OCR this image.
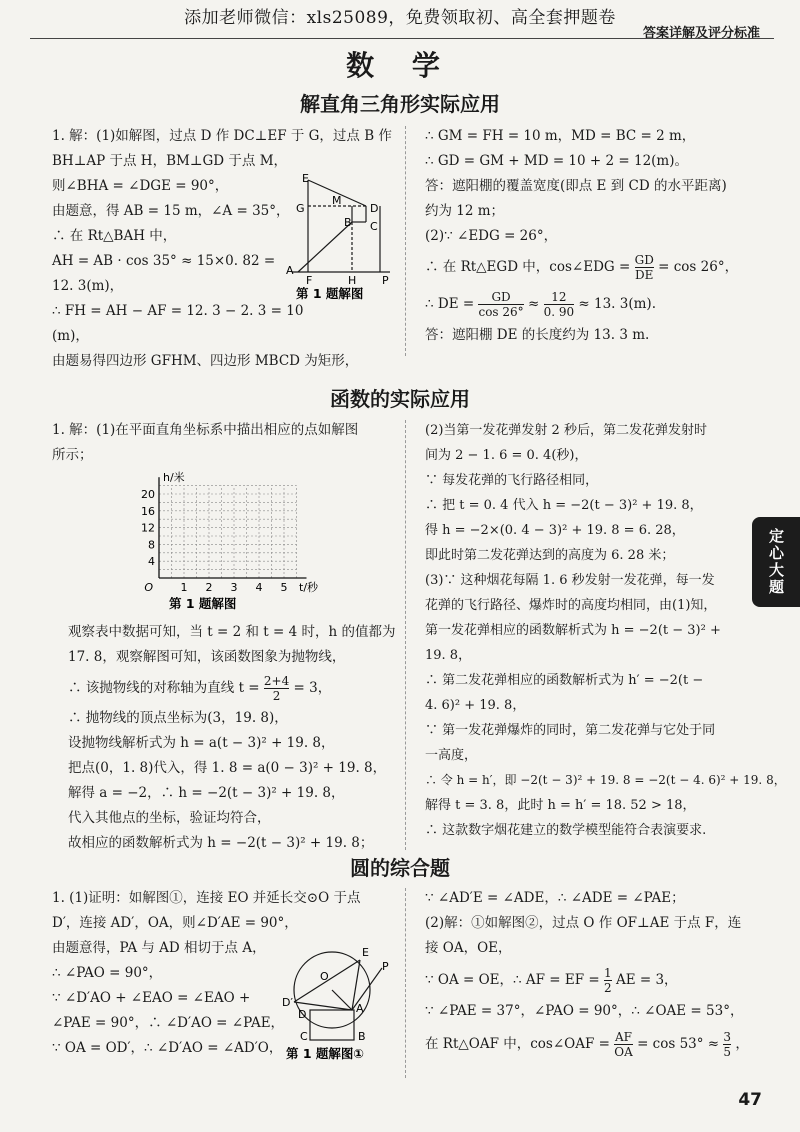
添加老师微信：xls25089，免费领取初、高全套押题卷
答案详解及评分标准
数 学
解直角三角形实际应用

1. 解：(1)如解图，过点 D 作 DC⊥EF 于 G，过点 B 作

BH⊥AP 于点 H，BM⊥GD 于点 M，

则∠BHA = ∠DGE = 90°，

由题意，得 AB = 15 m，∠A = 35°，

∴ 在 Rt△BAH 中，

AH = AB · cos 35° ≈ 15×0. 82 =

12. 3(m)，

∴ FH = AH − AF = 12. 3 − 2. 3 = 10

(m)，

由题易得四边形 GFHM、四边形 MBCD 为矩形，

E
G
M
D
B C
A
F	H P
第 1 题解图

∴ GM = FH = 10 m，MD = BC = 2 m，

∴ GD = GM + MD = 10 + 2 = 12(m)。

答：遮阳棚的覆盖宽度(即点 E 到 CD 的水平距离)

约为 12 m；

(2)∵ ∠EDG = 26°，

∴ 在 Rt△EGD 中，cos∠EDG = $\frac{GD}{DE} = \cos 26^\circ$，

∴ DE = $\frac{GD}{\cos 26^\circ} \approx \frac{12}{0. 90} \approx 13$. 3(m).

答：遮阳棚 DE 的长度约为 13. 3 m.

函数的实际应用

1. 解：(1)在平面直角坐标系中描出相应的点如解图

所示；

20
16
12
8
4
1 2 3 4 5
O
h/米
t/秒
第 1 题解图

观察表中数据可知，当 t = 2 和 t = 4 时，h 的值都为

17. 8，观察解图可知，该函数图象为抛物线，

∴ 该抛物线的对称轴为直线 $t = \frac{2+4}{2} = 3$，

∴ 抛物线的顶点坐标为(3，19. 8)，

设抛物线解析式为 h = a(t − 3)² + 19. 8，

把点(0，1. 8)代入，得 1. 8 = a(0 − 3)² + 19. 8，

解得 a = −2，∴ h = −2(t − 3)² + 19. 8，

代入其他点的坐标，验证均符合，

故相应的函数解析式为 h = −2(t − 3)² + 19. 8；

(2)当第一发花弹发射 2 秒后，第二发花弹发射时

间为 2 − 1. 6 = 0. 4(秒)，

∵ 每发花弹的飞行路径相同，

∴ 把 t = 0. 4 代入 h = −2(t − 3)² + 19. 8，

得 h = −2×(0. 4 − 3)² + 19. 8 = 6. 28，

即此时第二发花弹达到的高度为 6. 28 米；

(3)∵ 这种烟花每隔 1. 6 秒发射一发花弹，每一发

花弹的飞行路径、爆炸时的高度均相同，由(1)知，

第一发花弹相应的函数解析式为 h = −2(t − 3)² +

19. 8，

∴ 第二发花弹相应的函数解析式为 h′ = −2(t −

4. 6)² + 19. 8，

∵ 第一发花弹爆炸的同时，第二发花弹与它处于同

一高度，

∴ 令 h = h′，即 −2(t − 3)² + 19. 8 = −2(t − 4. 6)² + 19. 8，

解得 t = 3. 8，此时 h = h′ = 18. 52 > 18，

∴ 这款数字烟花建立的数学模型能符合表演要求.

圆的综合题

1. (1)证明：如解图①，连接 EO 并延长交⊙O 于点

D′，连接 AD′，OA，则∠D′AE = 90°，

由题意得，PA 与 AD 相切于点 A，

∴ ∠PAO = 90°，

∵ ∠D′AO + ∠EAO = ∠EAO +

∠PAE = 90°，∴ ∠D′AO = ∠PAE，

∵ OA = OD′，∴ ∠D′AO = ∠AD′O，

E
O
P
D′
D	A
C	B
第 1 题解图①

∵ ∠AD′E = ∠ADE，∴ ∠ADE = ∠PAE；

(2)解：①如解图②，过点 O 作 OF⊥AE 于点 F，连

接 OA，OE，

∵ OA = OE，∴ AF = EF = $\frac{1}{2}$ AE = 3，

∵ ∠PAE = 37°，∠PAO = 90°，∴ ∠OAE = 53°，

在 Rt△OAF 中，cos∠OAF = $\frac{AF}{OA} = \cos 53^\circ \approx \frac{3}{5}$ ，

定心大题
47
